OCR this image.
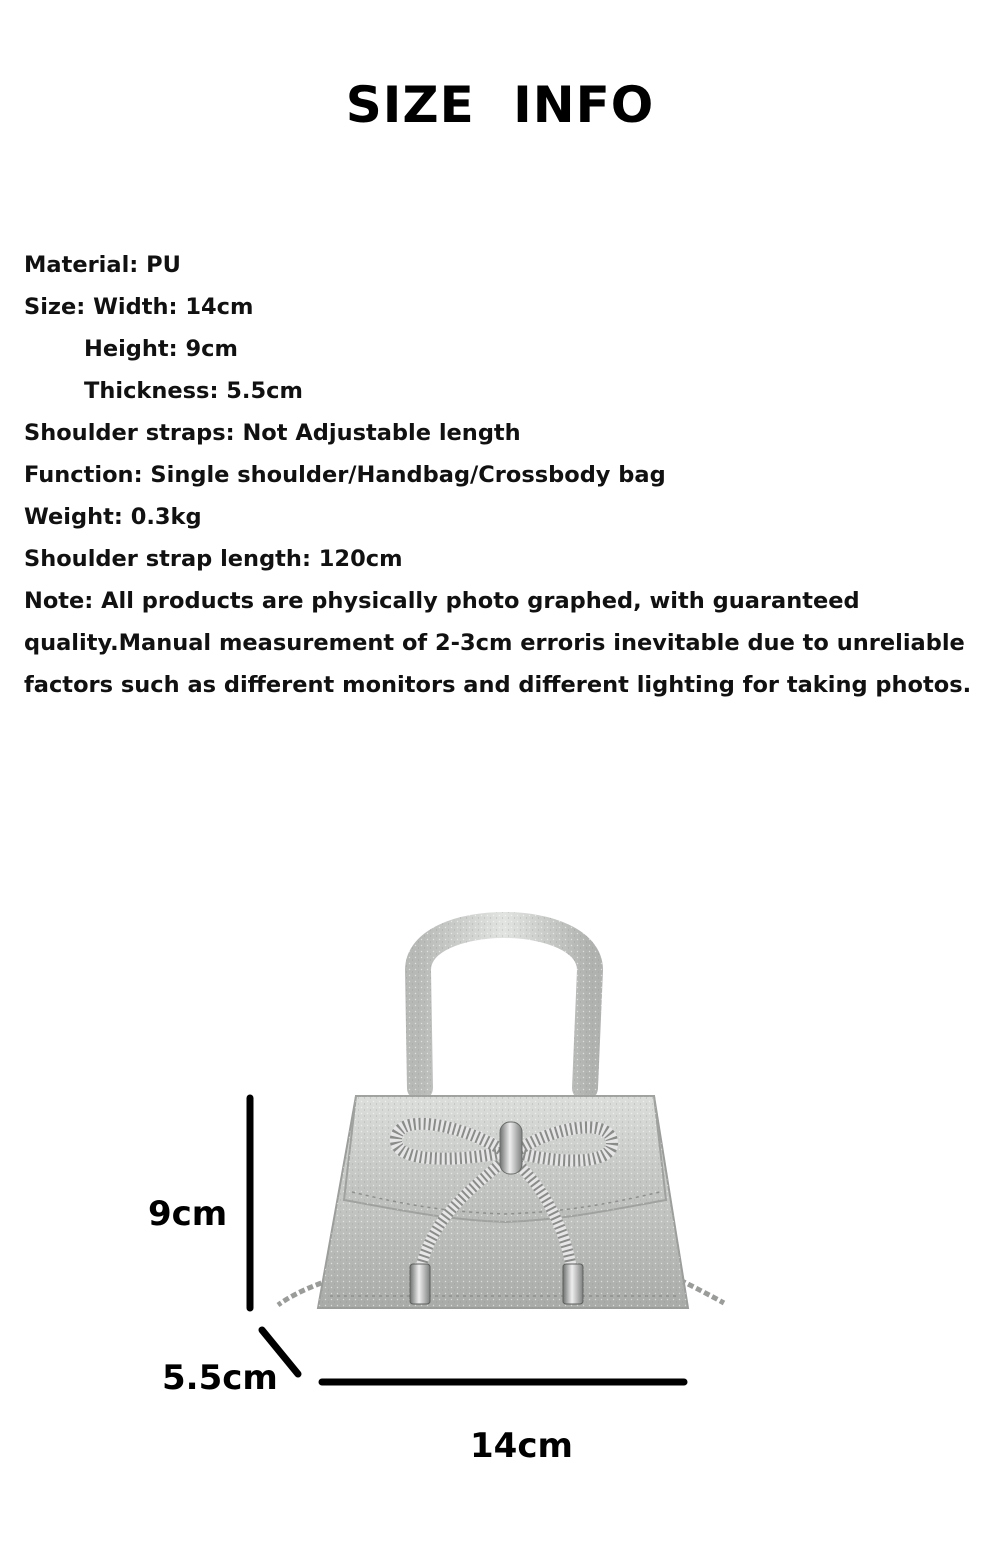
SIZE INFO
Material: PU
Size: Width: 14cm
Height: 9cm
Thickness: 5.5cm
Shoulder straps: Not Adjustable length
Function: Single shoulder/Handbag/Crossbody bag
Weight: 0.3kg
Shoulder strap length: 120cm
Note: All products are physically photo graphed, with guaranteed quality.Manual measurement of 2-3cm erroris inevitable due to unreliable factors such as different monitors and different lighting for taking photos.
9cm
5.5cm
14cm
